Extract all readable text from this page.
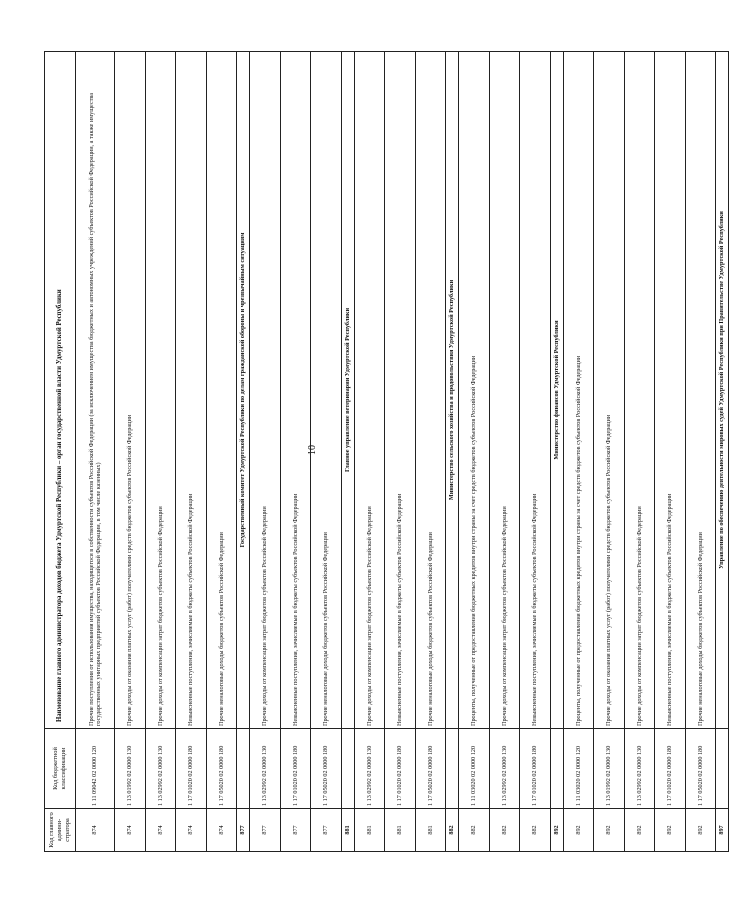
10
Код главного админи-стратора	Код бюджетной классификации	Наименование главного администратора доходов бюджета Удмуртской Республики – орган государственной власти Удмуртской Республики
874	1 11 09042 02 0000 120	Прочие поступления от использования имущества, находящегося в собственности субъектов Российской Федерации (за исключением имущества бюджетных и автономных учреждений субъектов Российской Федерации, а также имущества государственных унитарных предприятий субъектов Российской Федерации, в том числе казенных)
874	1 13 01992 02 0000 130	Прочие доходы от оказания платных услуг (работ) получателями средств бюджетов субъектов Российской Федерации
874	1 13 02992 02 0000 130	Прочие доходы от компенсации затрат бюджетов субъектов Российской Федерации
874	1 17 01020 02 0000 180	Невыясненные поступления, зачисляемые в бюджеты субъектов Российской Федерации
874	1 17 05020 02 0000 180	Прочие неналоговые доходы бюджетов субъектов Российской Федерации
877		Государственный комитет Удмуртской Республики по делам гражданской обороны и чрезвычайным ситуациям
877	1 13 02992 02 0000 130	Прочие доходы от компенсации затрат бюджетов субъектов Российской Федерации
877	1 17 01020 02 0000 180	Невыясненные поступления, зачисляемые в бюджеты субъектов Российской Федерации
877	1 17 05020 02 0000 180	Прочие неналоговые доходы бюджетов субъектов Российской Федерации
881		Главное управление ветеринарии Удмуртской Республики
881	1 13 02992 02 0000 130	Прочие доходы от компенсации затрат бюджетов субъектов Российской Федерации
881	1 17 01020 02 0000 180	Невыясненные поступления, зачисляемые в бюджеты субъектов Российской Федерации
881	1 17 05020 02 0000 180	Прочие неналоговые доходы бюджетов субъектов Российской Федерации
882		Министерство сельского хозяйства и продовольствия Удмуртской Республики
882	1 11 03020 02 0000 120	Проценты, полученные от предоставления бюджетных кредитов внутри страны за счет средств бюджетов субъектов Российской Федерации
882	1 13 02992 02 0000 130	Прочие доходы от компенсации затрат бюджетов субъектов Российской Федерации
882	1 17 01020 02 0000 180	Невыясненные поступления, зачисляемые в бюджеты субъектов Российской Федерации
892		Министерство финансов Удмуртской Республики
892	1 11 03020 02 0000 120	Проценты, полученные от предоставления бюджетных кредитов внутри страны за счет средств бюджетов субъектов Российской Федерации
892	1 13 01992 02 0000 130	Прочие доходы от оказания платных услуг (работ) получателями средств бюджетов субъектов Российской Федерации
892	1 13 02992 02 0000 130	Прочие доходы от компенсации затрат бюджетов субъектов Российской Федерации
892	1 17 01020 02 0000 180	Невыясненные поступления, зачисляемые в бюджеты субъектов Российской Федерации
892	1 17 05020 02 0000 180	Прочие неналоговые доходы бюджетов субъектов Российской Федерации
897		Управление по обеспечению деятельности мировых судей Удмуртской Республики при Правительстве Удмуртской Республики
